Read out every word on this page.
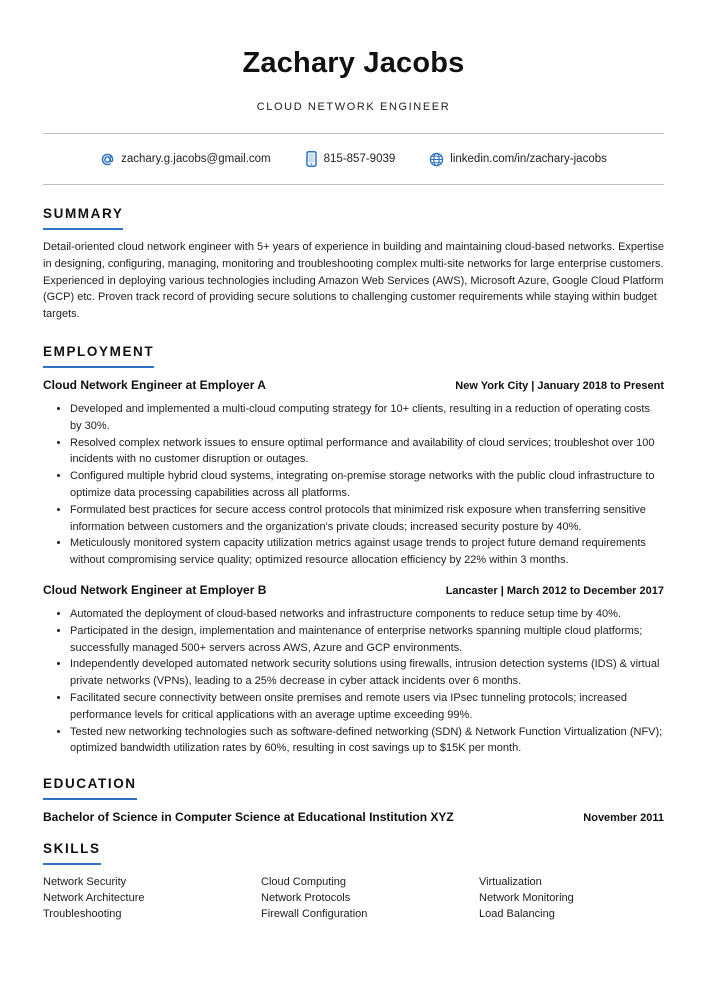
Zachary Jacobs
CLOUD NETWORK ENGINEER
zachary.g.jacobs@gmail.com	815-857-9039	linkedin.com/in/zachary-jacobs
SUMMARY
Detail-oriented cloud network engineer with 5+ years of experience in building and maintaining cloud-based networks. Expertise in designing, configuring, managing, monitoring and troubleshooting complex multi-site networks for large enterprise customers. Experienced in deploying various technologies including Amazon Web Services (AWS), Microsoft Azure, Google Cloud Platform (GCP) etc. Proven track record of providing secure solutions to challenging customer requirements while staying within budget targets.
EMPLOYMENT
Cloud Network Engineer at Employer A	New York City | January 2018 to Present
• Developed and implemented a multi-cloud computing strategy for 10+ clients, resulting in a reduction of operating costs by 30%.
• Resolved complex network issues to ensure optimal performance and availability of cloud services; troubleshot over 100 incidents with no customer disruption or outages.
• Configured multiple hybrid cloud systems, integrating on-premise storage networks with the public cloud infrastructure to optimize data processing capabilities across all platforms.
• Formulated best practices for secure access control protocols that minimized risk exposure when transferring sensitive information between customers and the organization's private clouds; increased security posture by 40%.
• Meticulously monitored system capacity utilization metrics against usage trends to project future demand requirements without compromising service quality; optimized resource allocation efficiency by 22% within 3 months.
Cloud Network Engineer at Employer B	Lancaster | March 2012 to December 2017
• Automated the deployment of cloud-based networks and infrastructure components to reduce setup time by 40%.
• Participated in the design, implementation and maintenance of enterprise networks spanning multiple cloud platforms; successfully managed 500+ servers across AWS, Azure and GCP environments.
• Independently developed automated network security solutions using firewalls, intrusion detection systems (IDS) & virtual private networks (VPNs), leading to a 25% decrease in cyber attack incidents over 6 months.
• Facilitated secure connectivity between onsite premises and remote users via IPsec tunneling protocols; increased performance levels for critical applications with an average uptime exceeding 99%.
• Tested new networking technologies such as software-defined networking (SDN) & Network Function Virtualization (NFV); optimized bandwidth utilization rates by 60%, resulting in cost savings up to $15K per month.
EDUCATION
Bachelor of Science in Computer Science at Educational Institution XYZ	November 2011
SKILLS
Network Security	Cloud Computing	Virtualization
Network Architecture	Network Protocols	Network Monitoring
Troubleshooting	Firewall Configuration	Load Balancing
